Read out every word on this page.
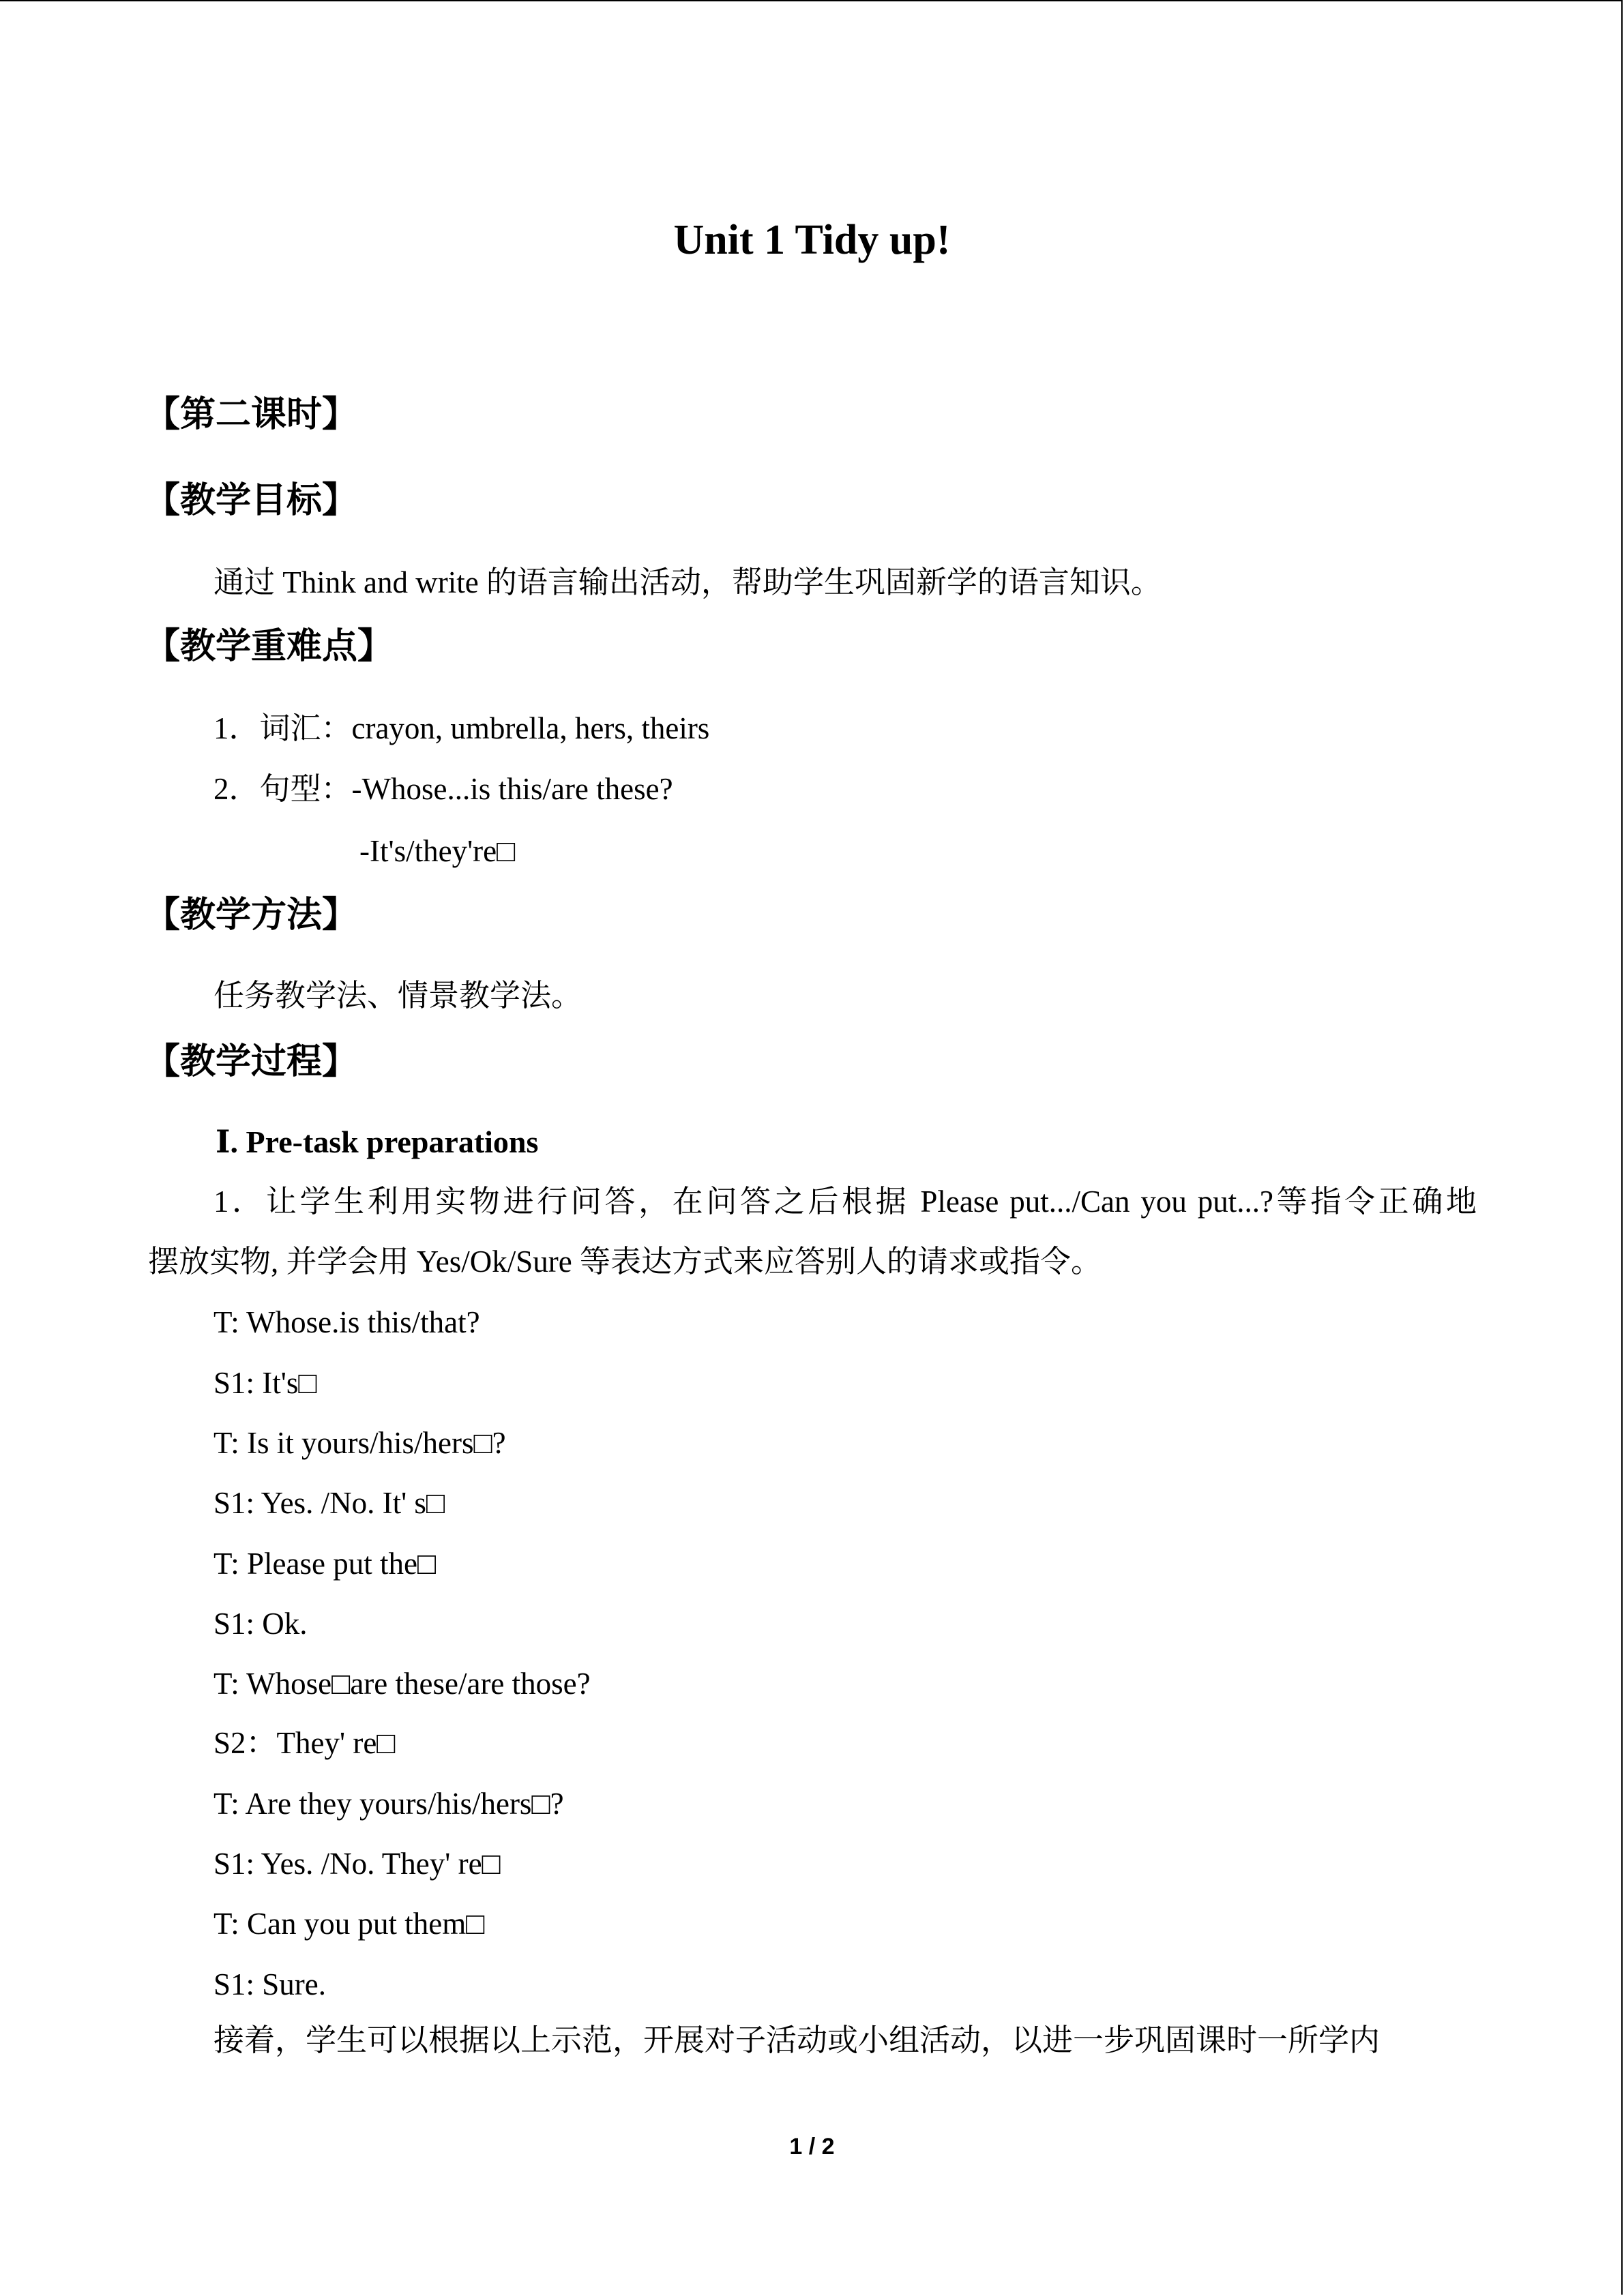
Unit 1 Tidy up!
【第二课时】
【教学目标】
通过 Think and write 的语言输出活动，帮助学生巩固新学的语言知识。
【教学重难点】
1．词汇：crayon, umbrella, hers, theirs
2．句型：-Whose...is this/are these?
-It's/they're□
【教学方法】
任务教学法、情景教学法。
【教学过程】
Ⅰ. Pre-task preparations
1．让学生利用实物进行问答，在问答之后根据 Please put.../Can you put...?等指令正确地
摆放实物, 并学会用 Yes/Ok/Sure 等表达方式来应答别人的请求或指令。
T: Whose.is this/that?
S1: It's□
T: Is it yours/his/hers□?
S1: Yes. /No. It' s□
T: Please put the□
S1: Ok.
T: Whose□are these/are those?
S2：They' re□
T: Are they yours/his/hers□?
S1: Yes. /No. They' re□
T: Can you put them□
S1: Sure.
接着，学生可以根据以上示范，开展对子活动或小组活动，以进一步巩固课时一所学内
1 / 2
